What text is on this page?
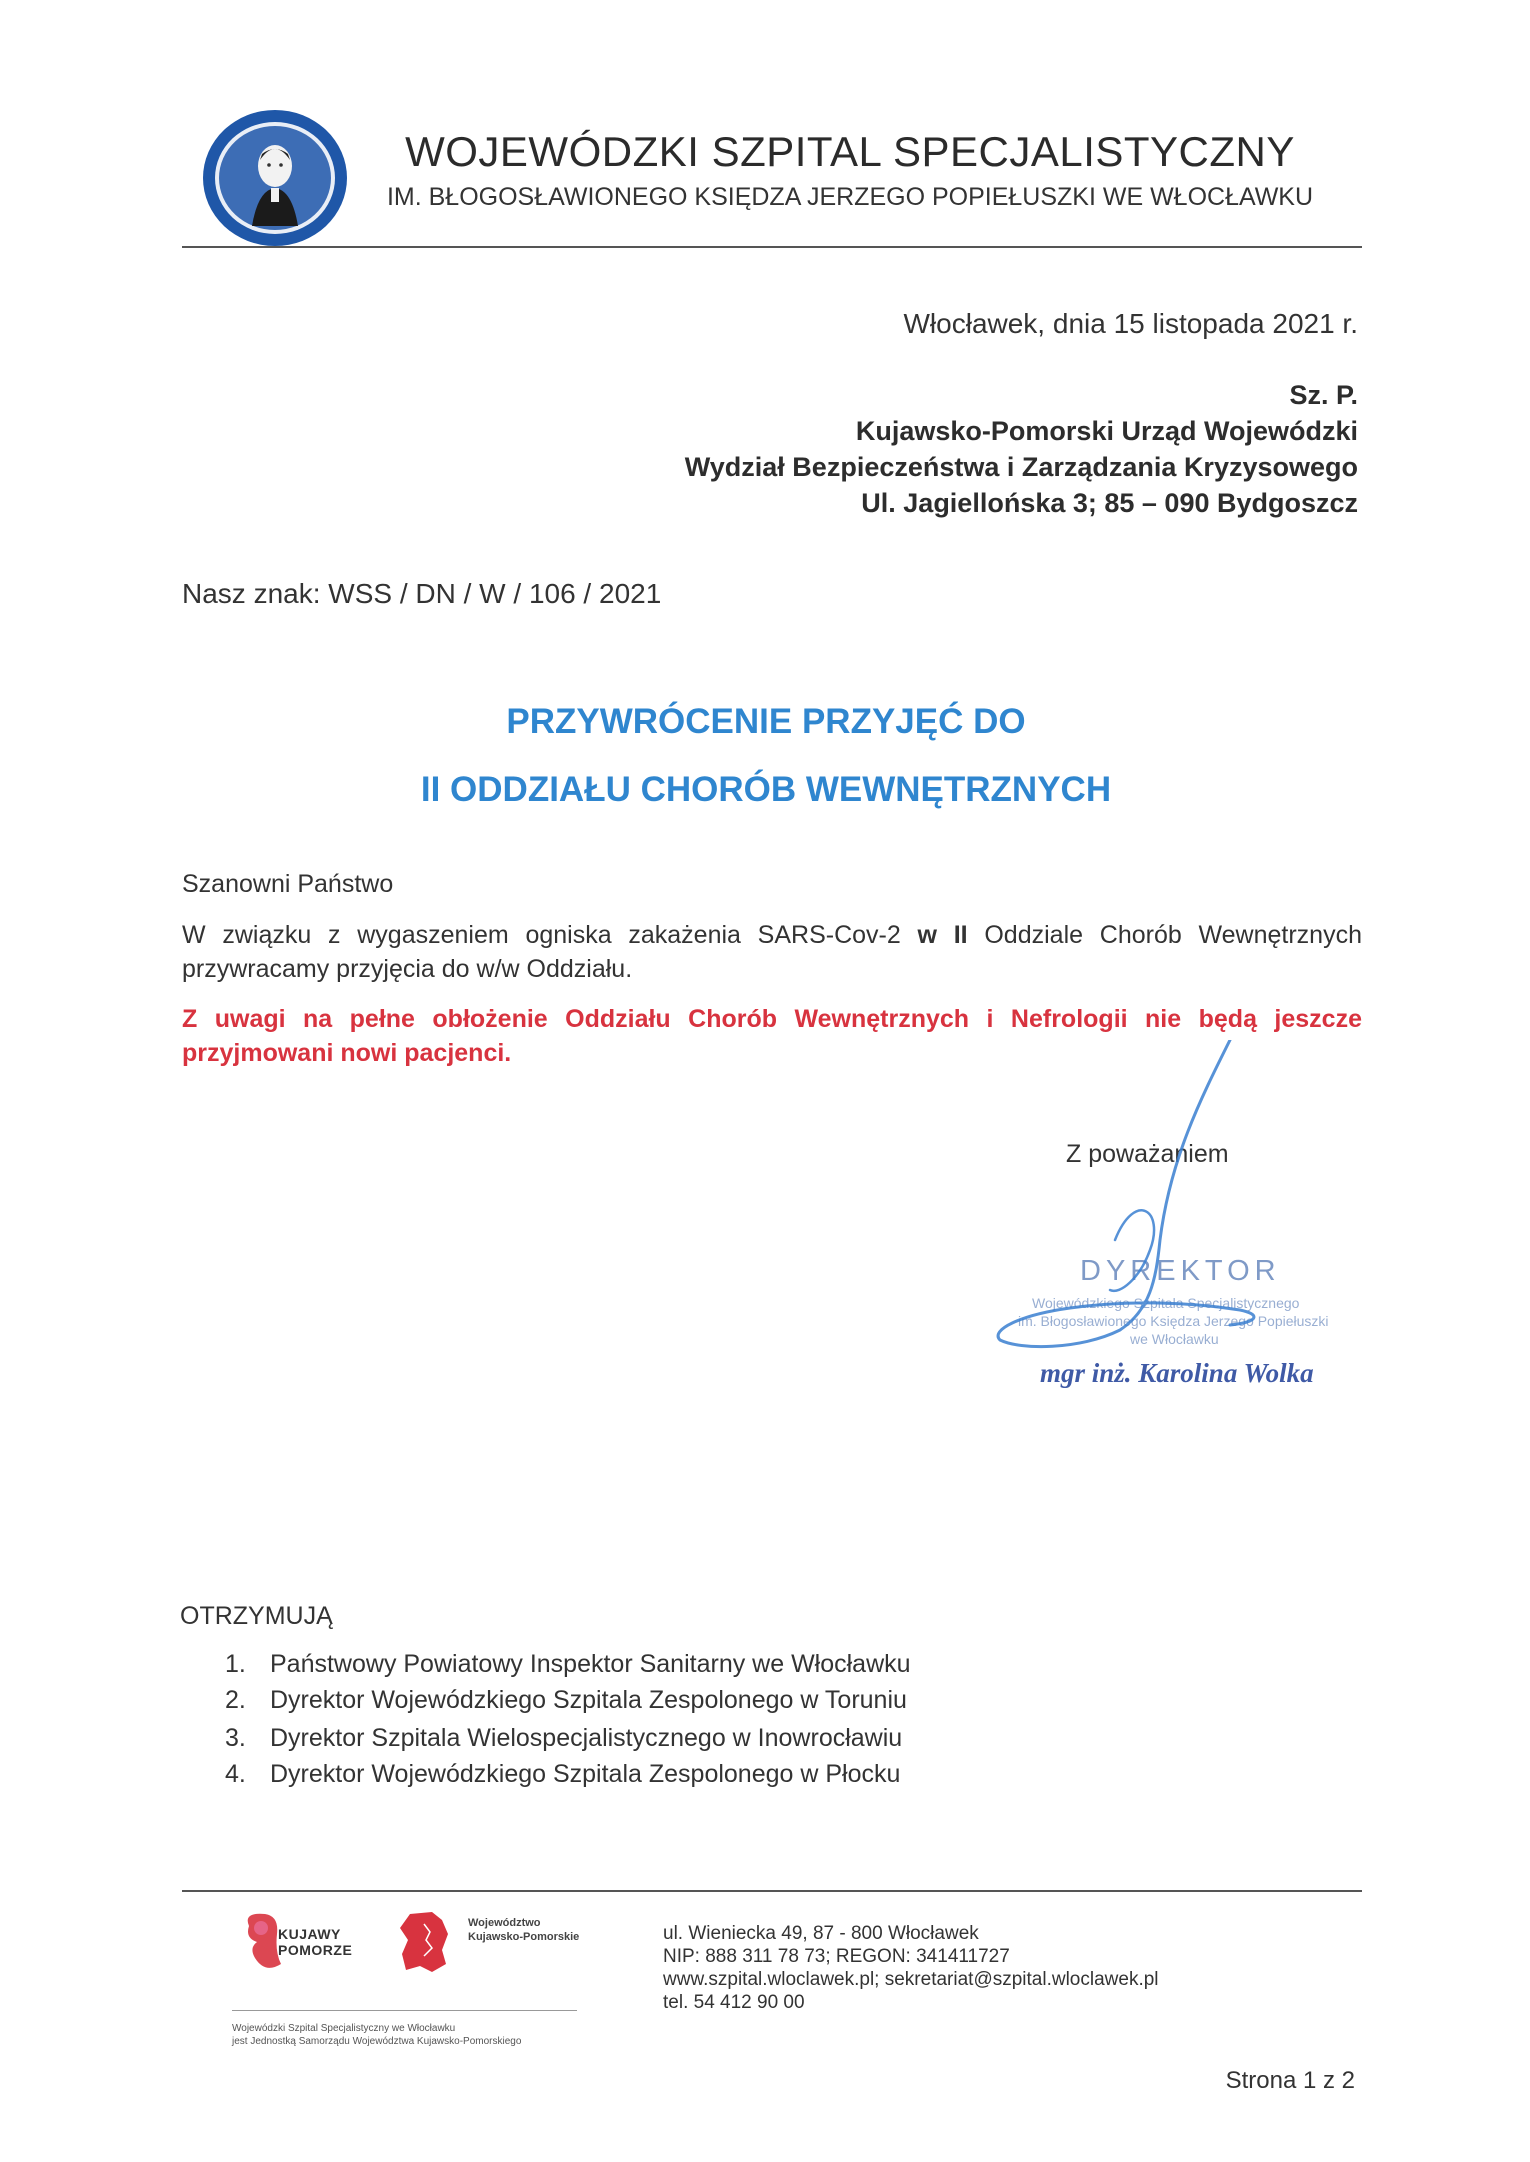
WOJEWÓDZKI SZPITAL SPECJALISTYCZNY
IM. BŁOGOSŁAWIONEGO KSIĘDZA JERZEGO POPIEŁUSZKI WE WŁOCŁAWKU
Włocławek, dnia 15 listopada 2021 r.
Sz. P.
Kujawsko-Pomorski Urząd Wojewódzki
Wydział Bezpieczeństwa i Zarządzania Kryzysowego
Ul. Jagiellońska 3; 85 – 090 Bydgoszcz
Nasz znak: WSS / DN / W / 106 / 2021
PRZYWRÓCENIE PRZYJĘĆ DO
II ODDZIAŁU CHORÓB WEWNĘTRZNYCH
Szanowni Państwo
W związku z wygaszeniem ogniska zakażenia SARS-Cov-2 w II Oddziale Chorób Wewnętrznych przywracamy przyjęcia do w/w Oddziału.
Z uwagi na pełne obłożenie Oddziału Chorób Wewnętrznych i Nefrologii nie będą jeszcze przyjmowani nowi pacjenci.
Z poważaniem
DYREKTOR
Wojewódzkiego Szpitala Specjalistycznego
im. Błogosławionego Księdza Jerzego Popiełuszki
we Włocławku
mgr inż. Karolina Wolka
OTRZYMUJĄ
1. Państwowy Powiatowy Inspektor Sanitarny we Włocławku
2. Dyrektor Wojewódzkiego Szpitala Zespolonego w Toruniu
3. Dyrektor Szpitala Wielospecjalistycznego w Inowrocławiu
4. Dyrektor Wojewódzkiego Szpitala Zespolonego w Płocku
KUJAWY
POMORZE
Województwo
Kujawsko-Pomorskie
Wojewódzki Szpital Specjalistyczny we Włocławku
jest Jednostką Samorządu Województwa Kujawsko-Pomorskiego
ul. Wieniecka 49, 87 - 800 Włocławek
NIP: 888 311 78 73; REGON: 341411727
www.szpital.wloclawek.pl; sekretariat@szpital.wloclawek.pl
tel. 54 412 90 00
Strona 1 z 2
